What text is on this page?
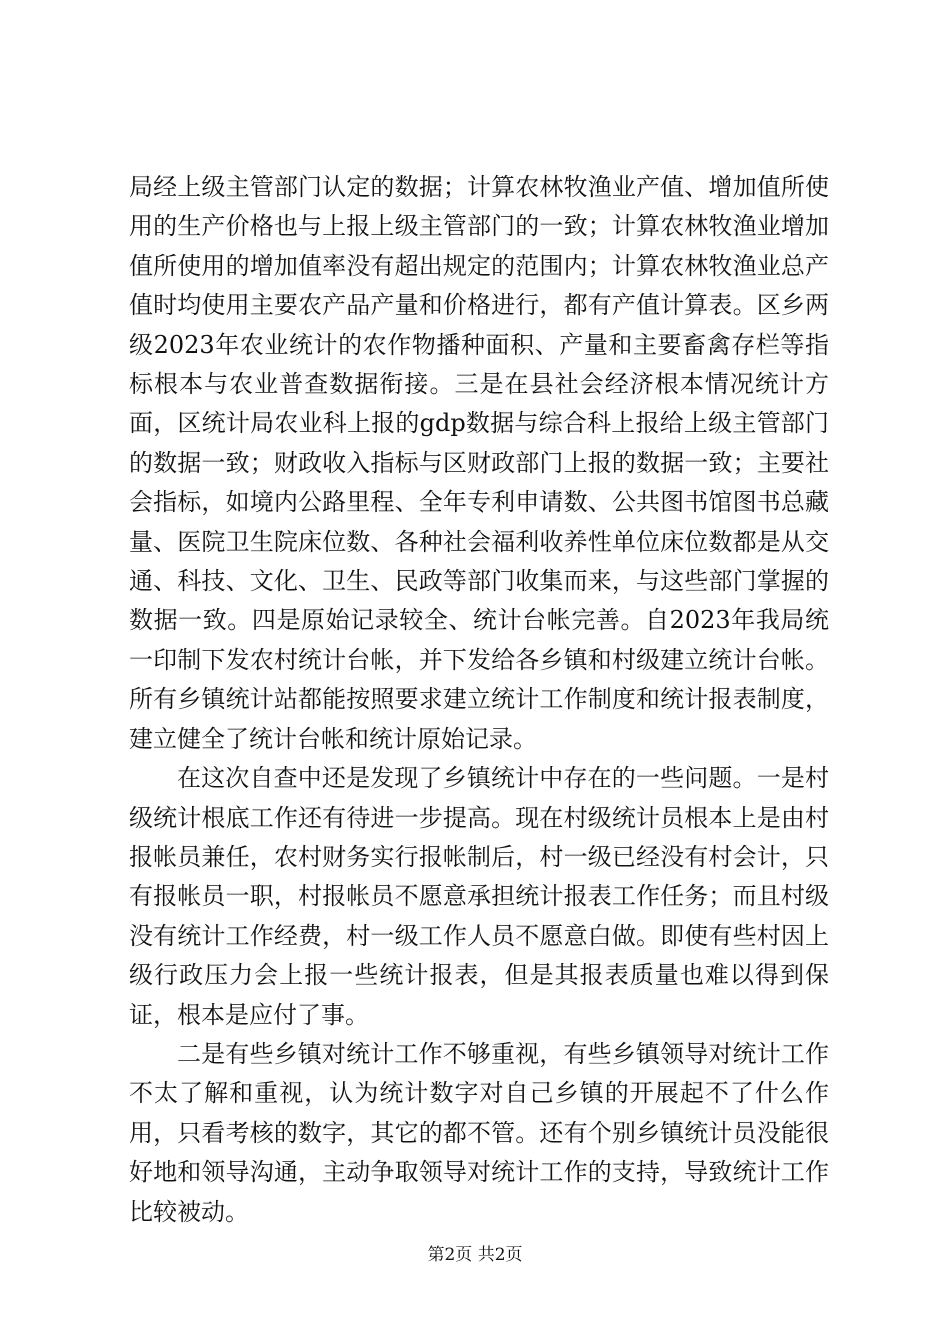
局经上级主管部门认定的数据；计算农林牧渔业产值、增加值所使用的生产价格也与上报上级主管部门的一致；计算农林牧渔业增加值所使用的增加值率没有超出规定的范围内；计算农林牧渔业总产值时均使用主要农产品产量和价格进行，都有产值计算表。区乡两级2023年农业统计的农作物播种面积、产量和主要畜禽存栏等指标根本与农业普查数据衔接。三是在县社会经济根本情况统计方面，区统计局农业科上报的gdp数据与综合科上报给上级主管部门的数据一致；财政收入指标与区财政部门上报的数据一致；主要社会指标，如境内公路里程、全年专利申请数、公共图书馆图书总藏量、医院卫生院床位数、各种社会福利收养性单位床位数都是从交通、科技、文化、卫生、民政等部门收集而来，与这些部门掌握的数据一致。四是原始记录较全、统计台帐完善。自2023年我局统一印制下发农村统计台帐，并下发给各乡镇和村级建立统计台帐。所有乡镇统计站都能按照要求建立统计工作制度和统计报表制度，建立健全了统计台帐和统计原始记录。

在这次自查中还是发现了乡镇统计中存在的一些问题。一是村级统计根底工作还有待进一步提高。现在村级统计员根本上是由村报帐员兼任，农村财务实行报帐制后，村一级已经没有村会计，只有报帐员一职，村报帐员不愿意承担统计报表工作任务；而且村级没有统计工作经费，村一级工作人员不愿意白做。即使有些村因上级行政压力会上报一些统计报表，但是其报表质量也难以得到保证，根本是应付了事。

二是有些乡镇对统计工作不够重视，有些乡镇领导对统计工作不太了解和重视，认为统计数字对自己乡镇的开展起不了什么作用，只看考核的数字，其它的都不管。还有个别乡镇统计员没能很好地和领导沟通，主动争取领导对统计工作的支持，导致统计工作比较被动。

第2页 共2页
